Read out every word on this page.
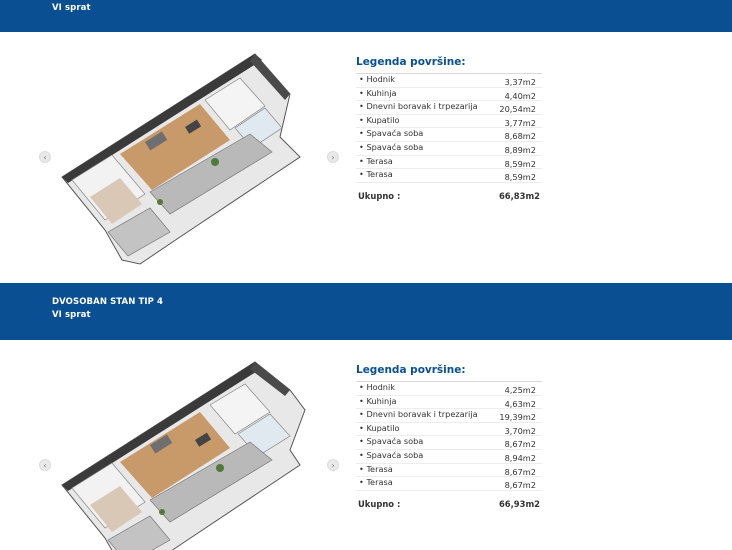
VI sprat
‹	›
Legenda površine:
• Hodnik	3,37m2
• Kuhinja	4,40m2
• Dnevni boravak i trpezarija	20,54m2
• Kupatilo	3,77m2
• Spavaća soba	8,68m2
• Spavaća soba	8,89m2
• Terasa	8,59m2
• Terasa	8,59m2
Ukupno :	66,83m2
DVOSOBAN STAN TIP 4
VI sprat
‹	›
Legenda površine:
• Hodnik	4,25m2
• Kuhinja	4,63m2
• Dnevni boravak i trpezarija	19,39m2
• Kupatilo	3,70m2
• Spavaća soba	8,67m2
• Spavaća soba	8,94m2
• Terasa	8,67m2
• Terasa	8,67m2
Ukupno :	66,93m2
